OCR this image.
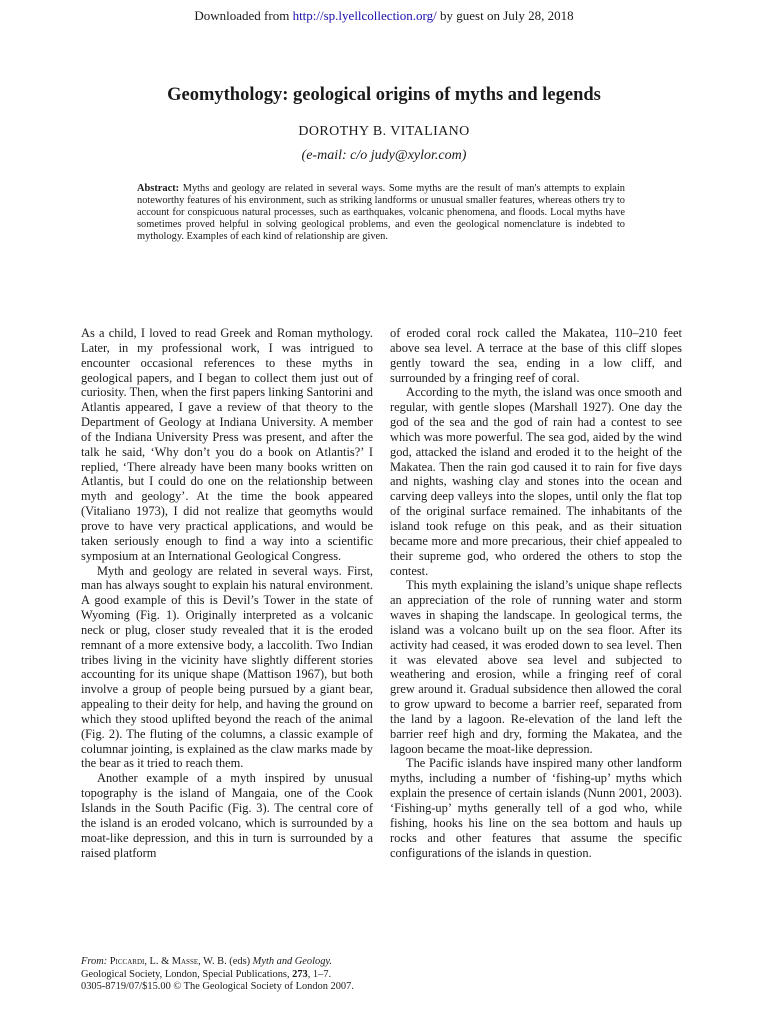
Downloaded from http://sp.lyellcollection.org/ by guest on July 28, 2018
Geomythology: geological origins of myths and legends
DOROTHY B. VITALIANO
(e-mail: c/o judy@xylor.com)
Abstract: Myths and geology are related in several ways. Some myths are the result of man's attempts to explain noteworthy features of his environment, such as striking landforms or unusual smaller features, whereas others try to account for conspicuous natural processes, such as earthquakes, volcanic phenomena, and floods. Local myths have sometimes proved helpful in solving geological problems, and even the geological nomenclature is indebted to mythology. Examples of each kind of relationship are given.

As a child, I loved to read Greek and Roman mythology. Later, in my professional work, I was intrigued to encounter occasional references to these myths in geological papers, and I began to collect them just out of curiosity. Then, when the first papers linking Santorini and Atlantis appeared, I gave a review of that theory to the Department of Geology at Indiana University. A member of the Indiana University Press was present, and after the talk he said, ‘Why don’t you do a book on Atlantis?’ I replied, ‘There already have been many books written on Atlantis, but I could do one on the relationship between myth and geology’. At the time the book appeared (Vitaliano 1973), I did not realize that geomyths would prove to have very practical applications, and would be taken seriously enough to find a way into a scientific symposium at an International Geological Congress.

Myth and geology are related in several ways. First, man has always sought to explain his natural environment. A good example of this is Devil’s Tower in the state of Wyoming (Fig. 1). Originally interpreted as a volcanic neck or plug, closer study revealed that it is the eroded remnant of a more extensive body, a laccolith. Two Indian tribes living in the vicinity have slightly different stories accounting for its unique shape (Mattison 1967), but both involve a group of people being pursued by a giant bear, appealing to their deity for help, and having the ground on which they stood uplifted beyond the reach of the animal (Fig. 2). The fluting of the columns, a classic example of columnar jointing, is explained as the claw marks made by the bear as it tried to reach them.

Another example of a myth inspired by unusual topography is the island of Mangaia, one of the Cook Islands in the South Pacific (Fig. 3). The central core of the island is an eroded volcano, which is surrounded by a moat-like depression, and this in turn is surrounded by a raised platform

of eroded coral rock called the Makatea, 110–210 feet above sea level. A terrace at the base of this cliff slopes gently toward the sea, ending in a low cliff, and surrounded by a fringing reef of coral.

According to the myth, the island was once smooth and regular, with gentle slopes (Marshall 1927). One day the god of the sea and the god of rain had a contest to see which was more powerful. The sea god, aided by the wind god, attacked the island and eroded it to the height of the Makatea. Then the rain god caused it to rain for five days and nights, washing clay and stones into the ocean and carving deep valleys into the slopes, until only the flat top of the original surface remained. The inhabitants of the island took refuge on this peak, and as their situation became more and more precarious, their chief appealed to their supreme god, who ordered the others to stop the contest.

This myth explaining the island’s unique shape reflects an appreciation of the role of running water and storm waves in shaping the landscape. In geological terms, the island was a volcano built up on the sea floor. After its activity had ceased, it was eroded down to sea level. Then it was elevated above sea level and subjected to weathering and erosion, while a fringing reef of coral grew around it. Gradual subsidence then allowed the coral to grow upward to become a barrier reef, separated from the land by a lagoon. Re-elevation of the land left the barrier reef high and dry, forming the Makatea, and the lagoon became the moat-like depression.

The Pacific islands have inspired many other landform myths, including a number of ‘fishing-up’ myths which explain the presence of certain islands (Nunn 2001, 2003). ‘Fishing-up’ myths generally tell of a god who, while fishing, hooks his line on the sea bottom and hauls up rocks and other features that assume the specific configurations of the islands in question.

From: Piccardi, L. & Masse, W. B. (eds) Myth and Geology.
Geological Society, London, Special Publications, 273, 1–7.
0305-8719/07/$15.00 © The Geological Society of London 2007.
